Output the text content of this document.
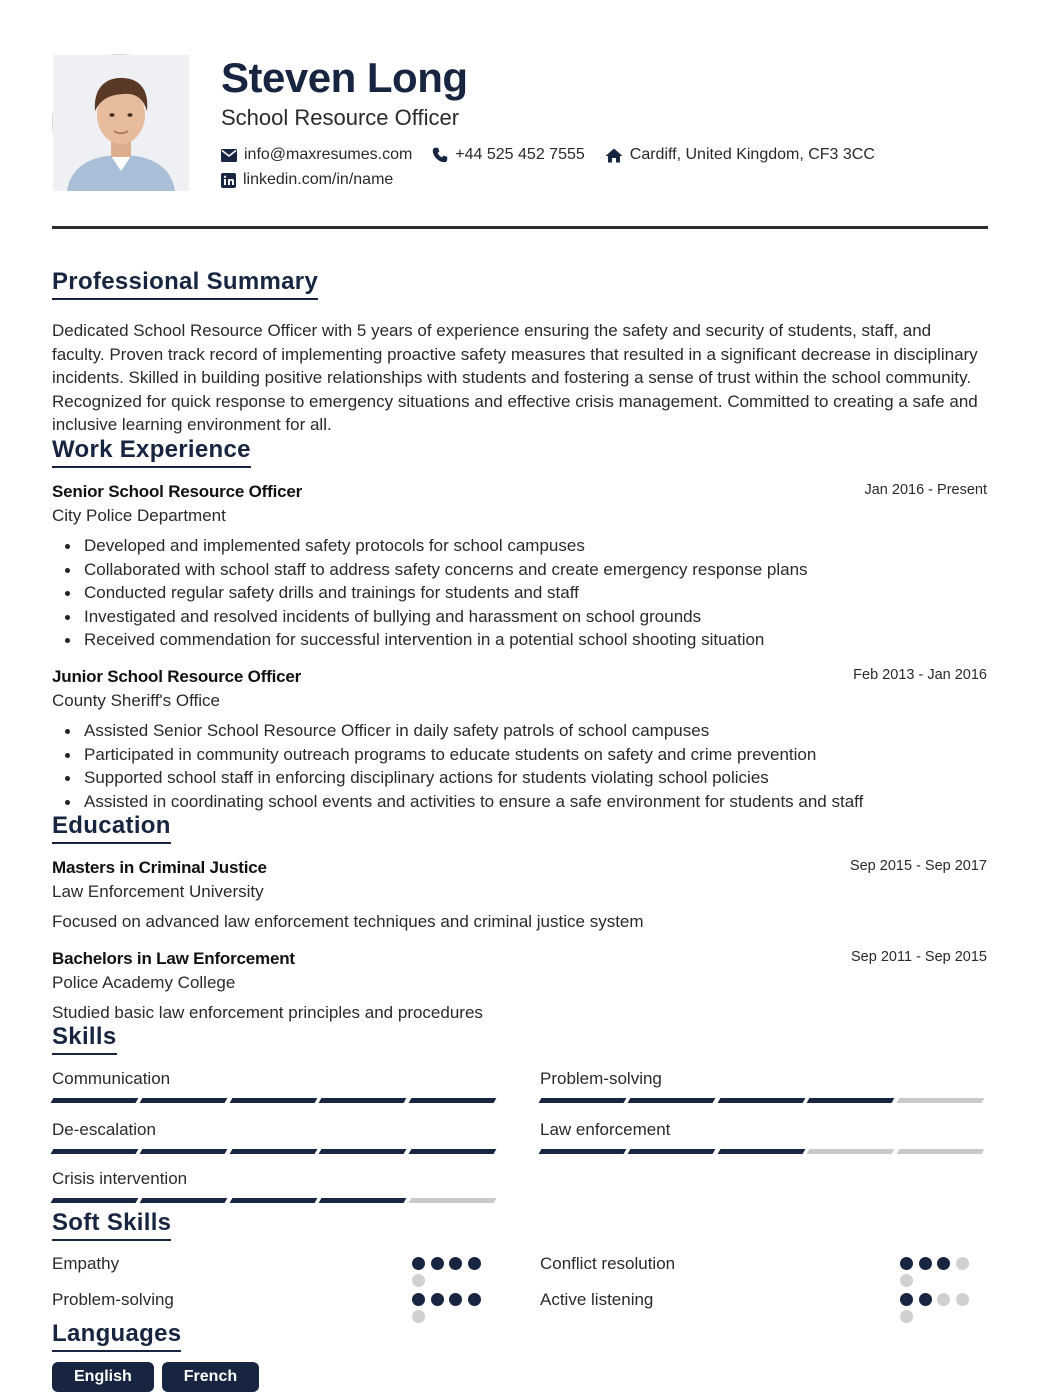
Steven Long
School Resource Officer
info@maxresumes.com	+44 525 452 7555	Cardiff, United Kingdom, CF3 3CC
linkedin.com/in/name
Professional Summary
Dedicated School Resource Officer with 5 years of experience ensuring the safety and security of students, staff, and faculty. Proven track record of implementing proactive safety measures that resulted in a significant decrease in disciplinary incidents. Skilled in building positive relationships with students and fostering a sense of trust within the school community. Recognized for quick response to emergency situations and effective crisis management. Committed to creating a safe and inclusive learning environment for all.
Work Experience
Senior School Resource Officer	Jan 2016 - Present
City Police Department
Developed and implemented safety protocols for school campuses
Collaborated with school staff to address safety concerns and create emergency response plans
Conducted regular safety drills and trainings for students and staff
Investigated and resolved incidents of bullying and harassment on school grounds
Received commendation for successful intervention in a potential school shooting situation
Junior School Resource Officer	Feb 2013 - Jan 2016
County Sheriff's Office
Assisted Senior School Resource Officer in daily safety patrols of school campuses
Participated in community outreach programs to educate students on safety and crime prevention
Supported school staff in enforcing disciplinary actions for students violating school policies
Assisted in coordinating school events and activities to ensure a safe environment for students and staff
Education
Masters in Criminal Justice	Sep 2015 - Sep 2017
Law Enforcement University
Focused on advanced law enforcement techniques and criminal justice system
Bachelors in Law Enforcement	Sep 2011 - Sep 2015
Police Academy College
Studied basic law enforcement principles and procedures
Skills
Communication	Problem-solving
De-escalation	Law enforcement
Crisis intervention
Soft Skills
Empathy	Conflict resolution
Problem-solving	Active listening
Languages
English	French
